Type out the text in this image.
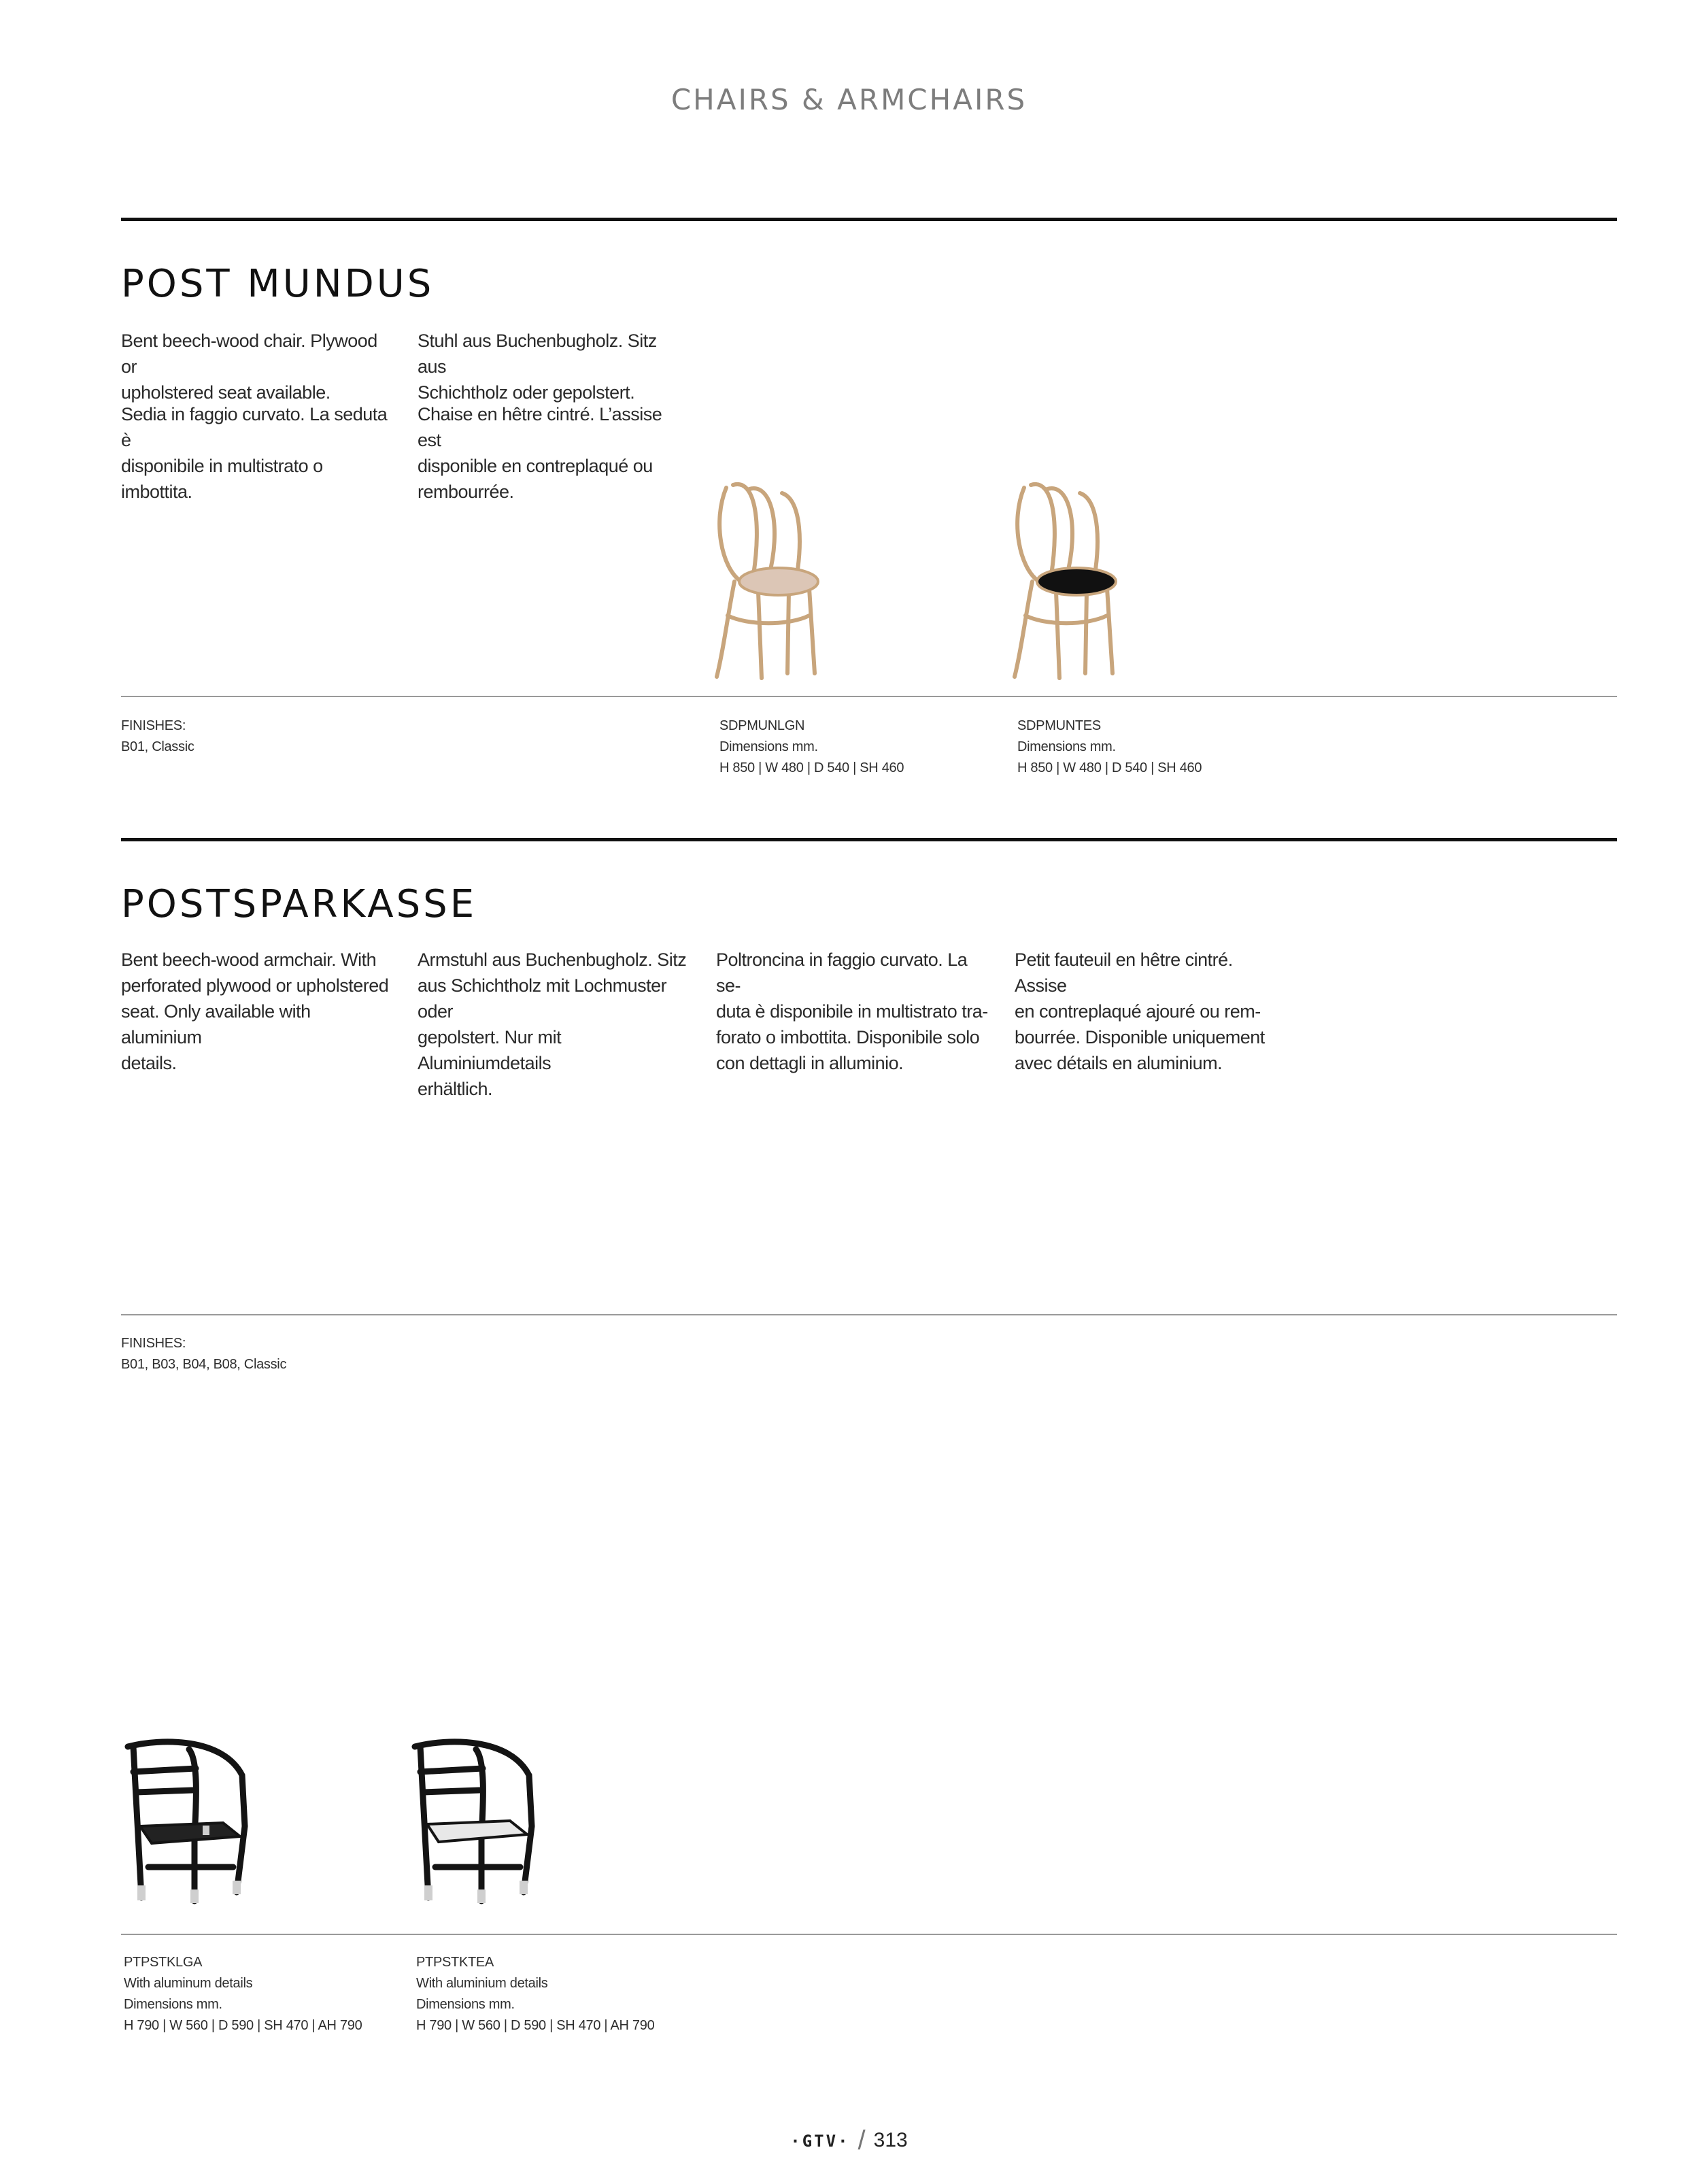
CHAIRS & ARMCHAIRS
POST MUNDUS
Bent beech-wood chair. Plywood or
upholstered seat available.
Stuhl aus Buchenbugholz. Sitz aus
Schichtholz oder gepolstert.
Sedia in faggio curvato. La seduta è
disponibile in multistrato o imbottita.
Chaise en hêtre cintré. L’assise est
disponible en contreplaqué ou
rembourrée.
FINISHES:
B01, Classic
SDPMUNLGN
Dimensions mm.
H 850 | W 480 | D 540 | SH 460
SDPMUNTES
Dimensions mm.
H 850 | W 480 | D 540 | SH 460
POSTSPARKASSE
Bent beech-wood armchair. With
perforated plywood or upholstered
seat. Only available with aluminium
details.
Armstuhl aus Buchenbugholz. Sitz
aus Schichtholz mit Lochmuster oder
gepolstert. Nur mit Aluminiumdetails
erhältlich.
Poltroncina in faggio curvato. La se-
duta è disponibile in multistrato tra-
forato o imbottita. Disponibile solo
con dettagli in alluminio.
Petit fauteuil en hêtre cintré. Assise
en contreplaqué ajouré ou rem-
bourrée. Disponible uniquement
avec détails en aluminium.
FINISHES:
B01, B03, B04, B08, Classic
PTPSTKLGA
With aluminum details
Dimensions mm.
H 790 | W 560 | D 590 | SH 470 | AH 790
PTPSTKTEA
With aluminium details
Dimensions mm.
H 790 | W 560 | D 590 | SH 470 | AH 790
·GTV· / 313
